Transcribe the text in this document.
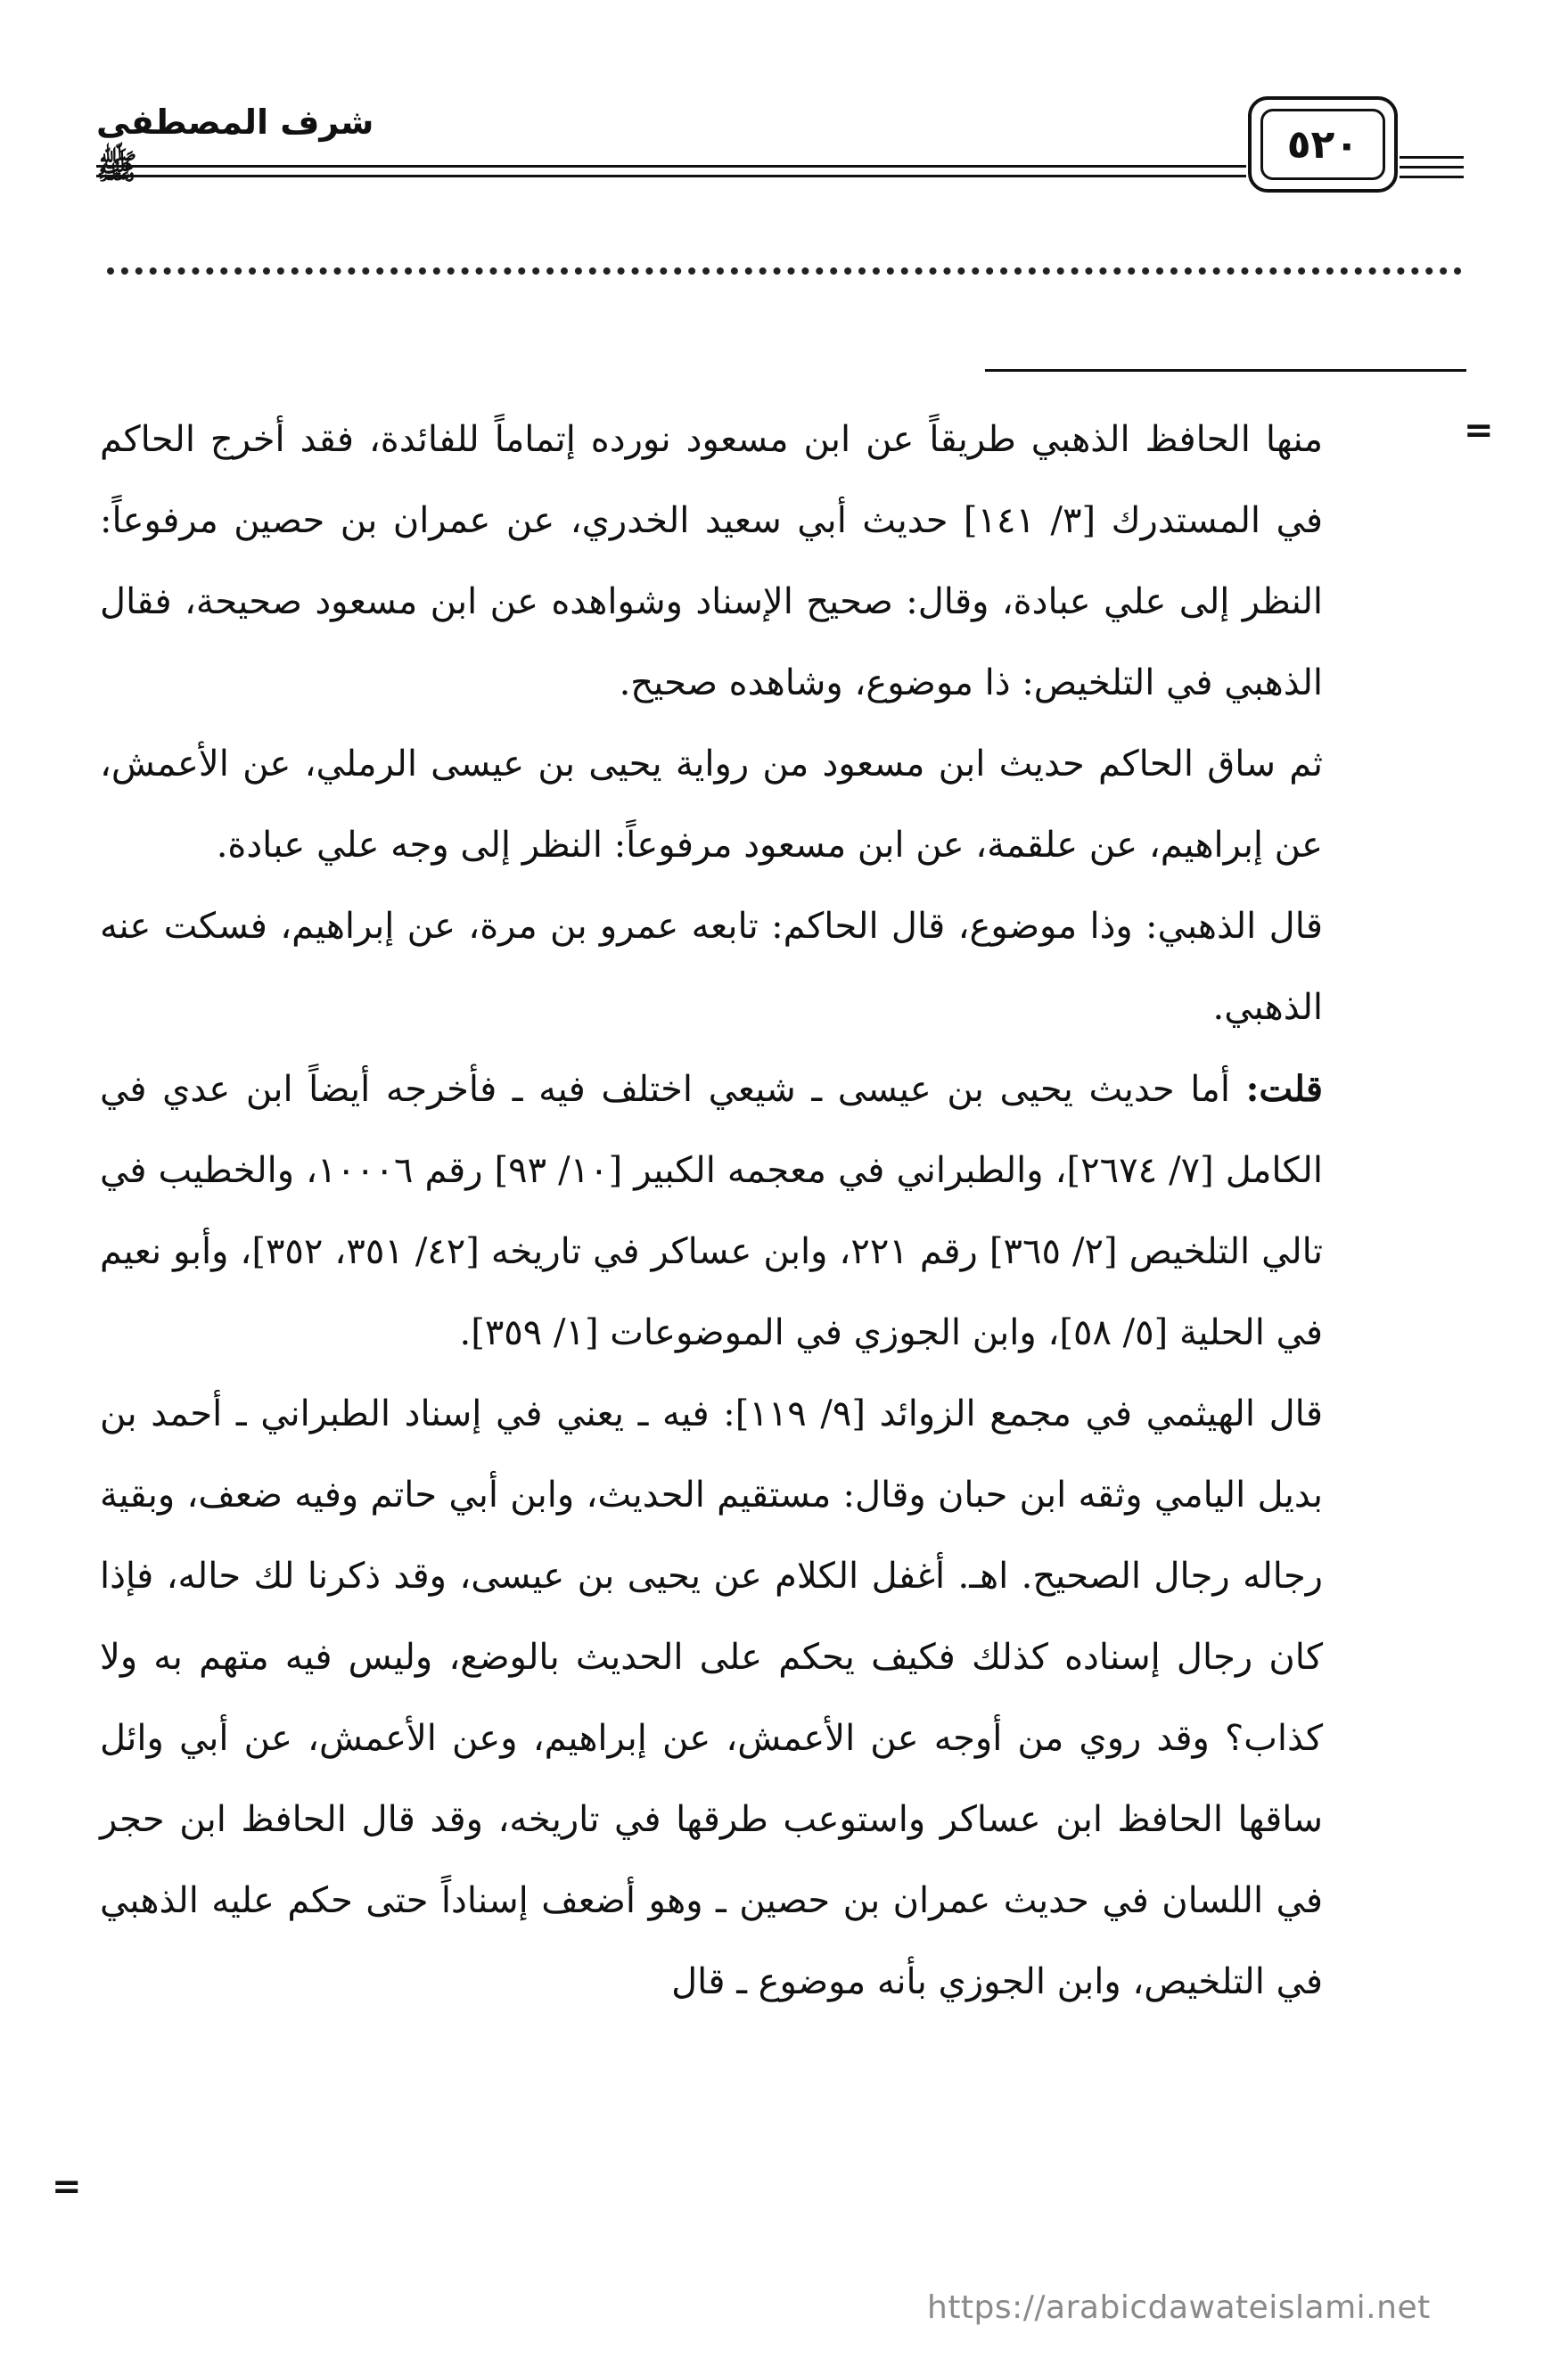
شرف المصطفى ﷺ	٥٢٠
=

منها الحافظ الذهبي طريقاً عن ابن مسعود نورده إتماماً للفائدة، فقد أخرج الحاكم في المستدرك [٣/ ١٤١] حديث أبي سعيد الخدري، عن عمران بن حصين مرفوعاً: النظر إلى علي عبادة، وقال: صحيح الإسناد وشواهده عن ابن مسعود صحيحة، فقال الذهبي في التلخيص: ذا موضوع، وشاهده صحيح.

ثم ساق الحاكم حديث ابن مسعود من رواية يحيى بن عيسى الرملي، عن الأعمش، عن إبراهيم، عن علقمة، عن ابن مسعود مرفوعاً: النظر إلى وجه علي عبادة.

قال الذهبي: وذا موضوع، قال الحاكم: تابعه عمرو بن مرة، عن إبراهيم، فسكت عنه الذهبي.

قلت: أما حديث يحيى بن عيسى ـ شيعي اختلف فيه ـ فأخرجه أيضاً ابن عدي في الكامل [٧/ ٢٦٧٤]، والطبراني في معجمه الكبير [١٠/ ٩٣] رقم ١٠٠٠٦، والخطيب في تالي التلخيص [٢/ ٣٦٥] رقم ٢٢١، وابن عساكر في تاريخه [٤٢/ ٣٥١، ٣٥٢]، وأبو نعيم في الحلية [٥/ ٥٨]، وابن الجوزي في الموضوعات [١/ ٣٥٩].

قال الهيثمي في مجمع الزوائد [٩/ ١١٩]: فيه ـ يعني في إسناد الطبراني ـ أحمد بن بديل اليامي وثقه ابن حبان وقال: مستقيم الحديث، وابن أبي حاتم وفيه ضعف، وبقية رجاله رجال الصحيح. اهـ. أغفل الكلام عن يحيى بن عيسى، وقد ذكرنا لك حاله، فإذا كان رجال إسناده كذلك فكيف يحكم على الحديث بالوضع، وليس فيه متهم به ولا كذاب؟ وقد روي من أوجه عن الأعمش، عن إبراهيم، وعن الأعمش، عن أبي وائل ساقها الحافظ ابن عساكر واستوعب طرقها في تاريخه، وقد قال الحافظ ابن حجر في اللسان في حديث عمران بن حصين ـ وهو أضعف إسناداً حتى حكم عليه الذهبي في التلخيص، وابن الجوزي بأنه موضوع ـ قال

=
https://arabicdawateislami.net
